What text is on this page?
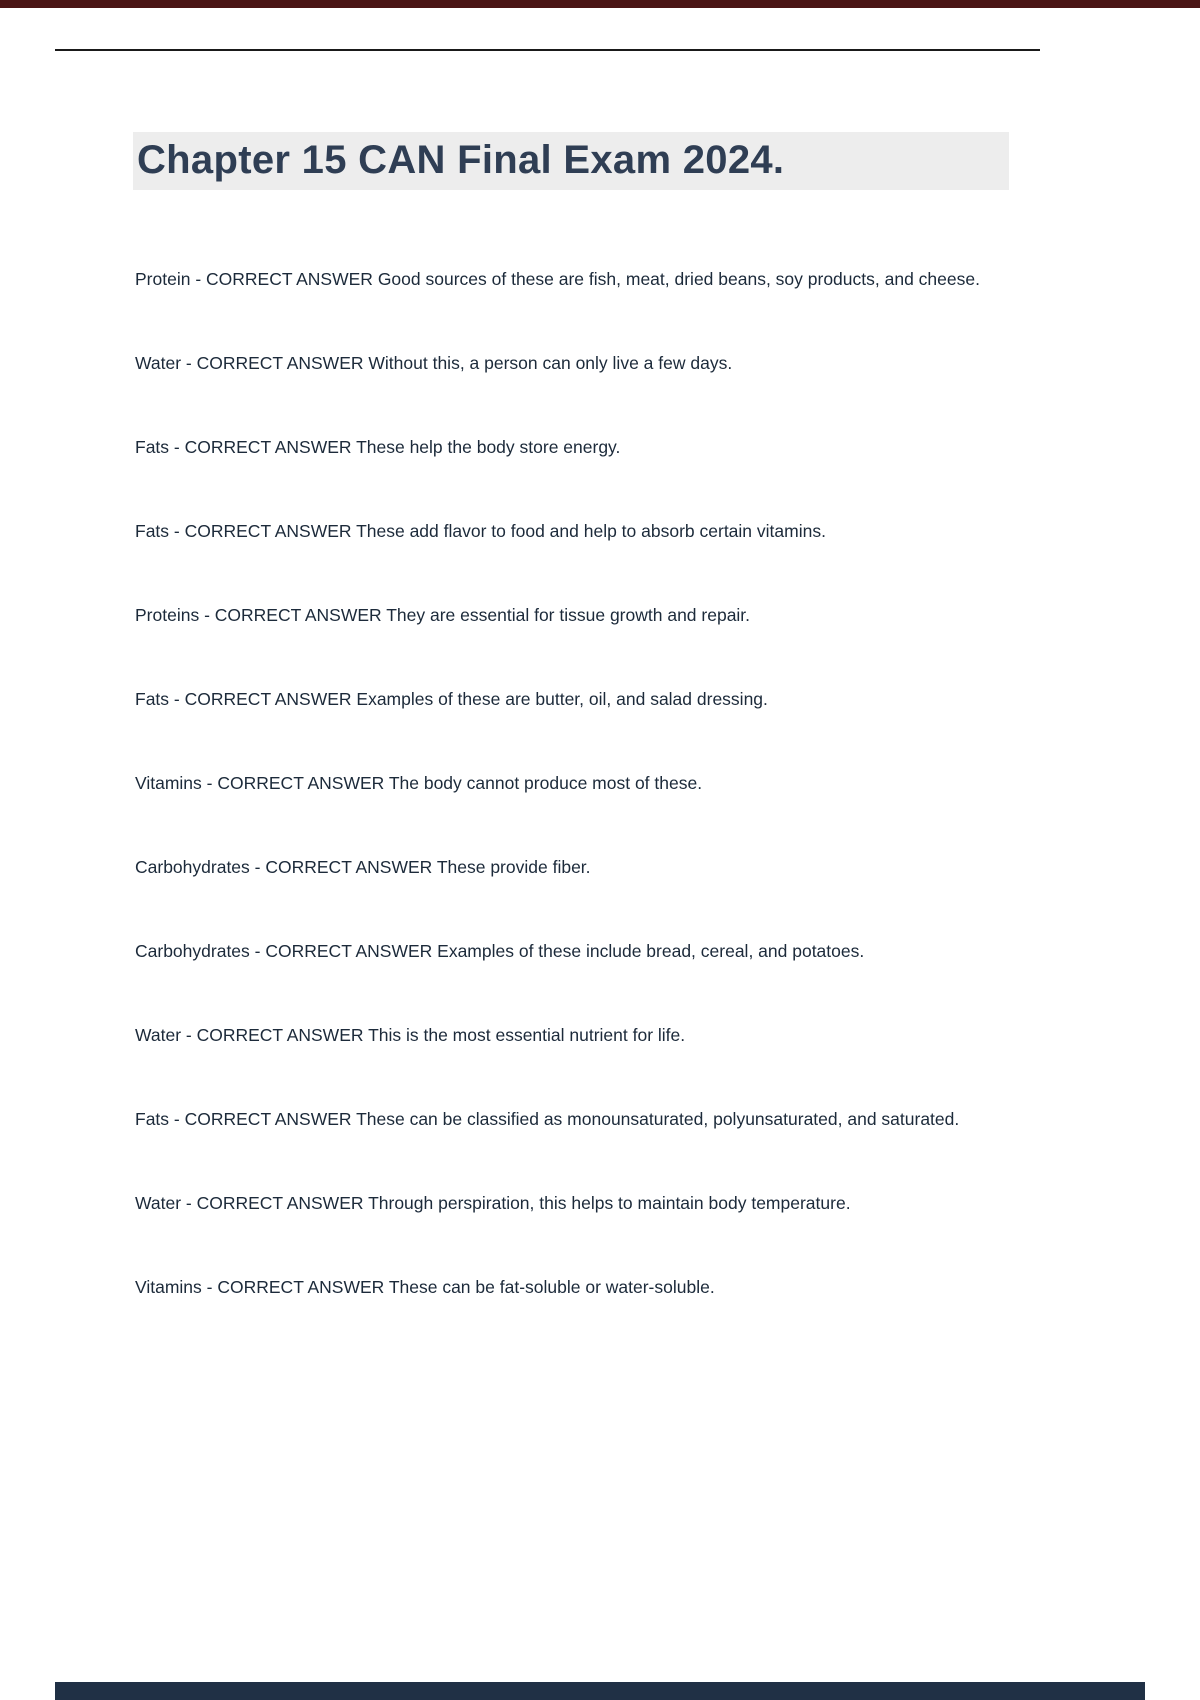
Chapter 15 CAN Final Exam 2024.
Protein - CORRECT ANSWER Good sources of these are fish, meat, dried beans, soy products, and cheese.
Water - CORRECT ANSWER Without this, a person can only live a few days.
Fats - CORRECT ANSWER These help the body store energy.
Fats - CORRECT ANSWER These add flavor to food and help to absorb certain vitamins.
Proteins - CORRECT ANSWER They are essential for tissue growth and repair.
Fats - CORRECT ANSWER Examples of these are butter, oil, and salad dressing.
Vitamins - CORRECT ANSWER The body cannot produce most of these.
Carbohydrates - CORRECT ANSWER These provide fiber.
Carbohydrates - CORRECT ANSWER Examples of these include bread, cereal, and potatoes.
Water - CORRECT ANSWER This is the most essential nutrient for life.
Fats - CORRECT ANSWER These can be classified as monounsaturated, polyunsaturated, and saturated.
Water - CORRECT ANSWER Through perspiration, this helps to maintain body temperature.
Vitamins - CORRECT ANSWER These can be fat-soluble or water-soluble.
